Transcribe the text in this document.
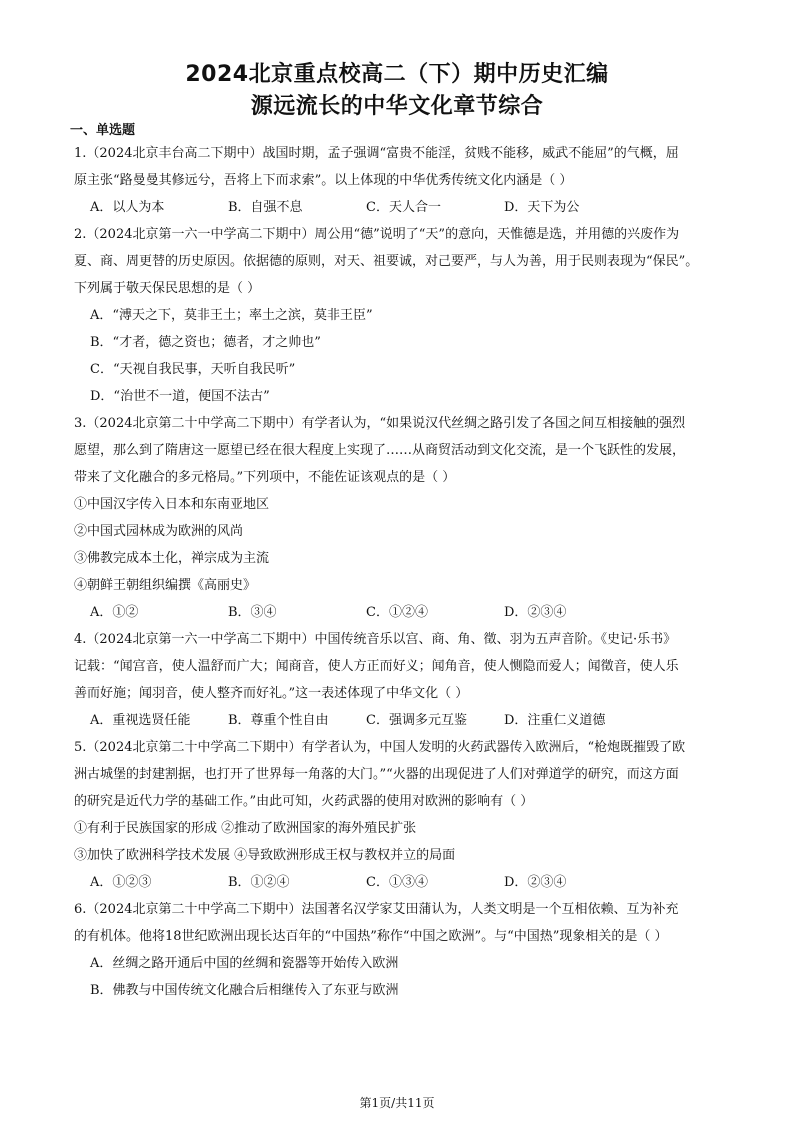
2024北京重点校高二（下）期中历史汇编
源远流长的中华文化章节综合
一、单选题
1.（2024北京丰台高二下期中）战国时期，孟子强调“富贵不能淫，贫贱不能移，威武不能屈”的气概，屈
原主张“路曼曼其修远兮，吾将上下而求索”。以上体现的中华优秀传统文化内涵是（ ）
A．以人为本	B．自强不息	C．天人合一	D．天下为公
2.（2024北京第一六一中学高二下期中）周公用“德”说明了“天”的意向，天惟德是选，并用德的兴废作为
夏、商、周更替的历史原因。依据德的原则，对天、祖要诚，对己要严，与人为善，用于民则表现为“保民”。
下列属于敬天保民思想的是（ ）
A．“溥天之下，莫非王土；率土之滨，莫非王臣”
B．“才者，德之资也；德者，才之帅也”
C．“天视自我民事，天听自我民听”
D．“治世不一道，便国不法古”
3.（2024北京第二十中学高二下期中）有学者认为，“如果说汉代丝绸之路引发了各国之间互相接触的强烈
愿望，那么到了隋唐这一愿望已经在很大程度上实现了……从商贸活动到文化交流，是一个飞跃性的发展，
带来了文化融合的多元格局。”下列项中，不能佐证该观点的是（ ）
①中国汉字传入日本和东南亚地区
②中国式园林成为欧洲的风尚
③佛教完成本土化，禅宗成为主流
④朝鲜王朝组织编撰《高丽史》
A．①②	B．③④	C．①②④	D．②③④
4.（2024北京第一六一中学高二下期中）中国传统音乐以宫、商、角、徵、羽为五声音阶。《史记·乐书》
记载：“闻宫音，使人温舒而广大；闻商音，使人方正而好义；闻角音，使人恻隐而爱人；闻徵音，使人乐
善而好施；闻羽音，使人整齐而好礼。”这一表述体现了中华文化（ ）
A．重视选贤任能	B．尊重个性自由	C．强调多元互鉴	D．注重仁义道德
5.（2024北京第二十中学高二下期中）有学者认为，中国人发明的火药武器传入欧洲后，“枪炮既摧毁了欧
洲古城堡的封建割据，也打开了世界每一角落的大门。”“火器的出现促进了人们对弹道学的研究，而这方面
的研究是近代力学的基础工作。”由此可知，火药武器的使用对欧洲的影响有（ ）
①有利于民族国家的形成 ②推动了欧洲国家的海外殖民扩张
③加快了欧洲科学技术发展 ④导致欧洲形成王权与教权并立的局面
A．①②③	B．①②④	C．①③④	D．②③④
6.（2024北京第二十中学高二下期中）法国著名汉学家艾田蒲认为，人类文明是一个互相依赖、互为补充
的有机体。他将18世纪欧洲出现长达百年的“中国热”称作“中国之欧洲”。与“中国热”现象相关的是（ ）
A．丝绸之路开通后中国的丝绸和瓷器等开始传入欧洲
B．佛教与中国传统文化融合后相继传入了东亚与欧洲
第1页/共11页
